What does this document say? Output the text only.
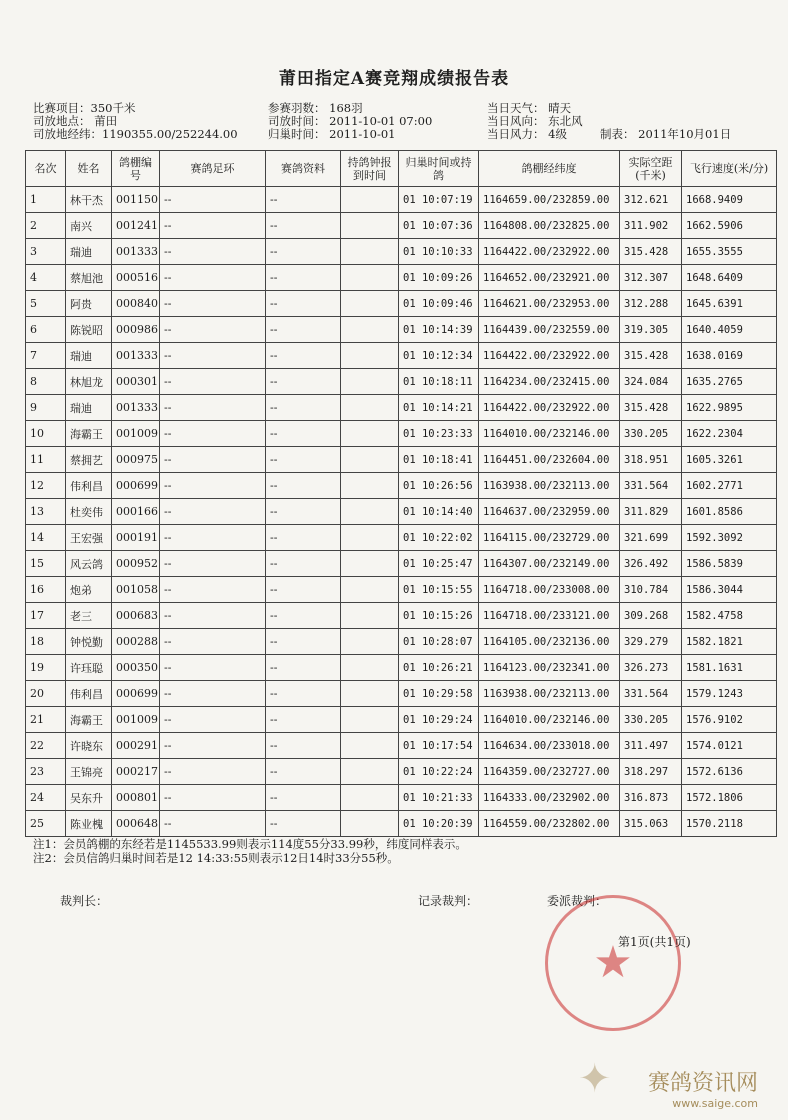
莆田指定A赛竞翔成绩报告表
比赛项目：350千米
司放地点： 莆田
司放地经纬：1190355.00/252244.00
参赛羽数： 168羽
司放时间： 2011-10-01 07:00
归巢时间： 2011-10-01
当日天气： 晴天
当日风向： 东北风
当日风力： 4级	制表： 2011年10月01日
名次	姓名	鸽棚编号	赛鸽足环	赛鸽资料	持鸽钟报到时间	归巢时间或持鸽	鸽棚经纬度	实际空距(千米)	飞行速度(米/分)
1	林干杰	001150	--	--		01 10:07:19	1164659.00/232859.00	312.621	1668.9409
2	南兴	001241	--	--		01 10:07:36	1164808.00/232825.00	311.902	1662.5906
3	瑞迪	001333	--	--		01 10:10:33	1164422.00/232922.00	315.428	1655.3555
4	蔡旭池	000516	--	--		01 10:09:26	1164652.00/232921.00	312.307	1648.6409
5	阿贵	000840	--	--		01 10:09:46	1164621.00/232953.00	312.288	1645.6391
6	陈锐昭	000986	--	--		01 10:14:39	1164439.00/232559.00	319.305	1640.4059
7	瑞迪	001333	--	--		01 10:12:34	1164422.00/232922.00	315.428	1638.0169
8	林旭龙	000301	--	--		01 10:18:11	1164234.00/232415.00	324.084	1635.2765
9	瑞迪	001333	--	--		01 10:14:21	1164422.00/232922.00	315.428	1622.9895
10	海霸王	001009	--	--		01 10:23:33	1164010.00/232146.00	330.205	1622.2304
11	蔡拥艺	000975	--	--		01 10:18:41	1164451.00/232604.00	318.951	1605.3261
12	伟利昌	000699	--	--		01 10:26:56	1163938.00/232113.00	331.564	1602.2771
13	杜奕伟	000166	--	--		01 10:14:40	1164637.00/232959.00	311.829	1601.8586
14	王宏强	000191	--	--		01 10:22:02	1164115.00/232729.00	321.699	1592.3092
15	风云鸽	000952	--	--		01 10:25:47	1164307.00/232149.00	326.492	1586.5839
16	炮弟	001058	--	--		01 10:15:55	1164718.00/233008.00	310.784	1586.3044
17	老三	000683	--	--		01 10:15:26	1164718.00/233121.00	309.268	1582.4758
18	钟悦勤	000288	--	--		01 10:28:07	1164105.00/232136.00	329.279	1582.1821
19	许珏聪	000350	--	--		01 10:26:21	1164123.00/232341.00	326.273	1581.1631
20	伟利昌	000699	--	--		01 10:29:58	1163938.00/232113.00	331.564	1579.1243
21	海霸王	001009	--	--		01 10:29:24	1164010.00/232146.00	330.205	1576.9102
22	许晓东	000291	--	--		01 10:17:54	1164634.00/233018.00	311.497	1574.0121
23	王锦亮	000217	--	--		01 10:22:24	1164359.00/232727.00	318.297	1572.6136
24	吴东升	000801	--	--		01 10:21:33	1164333.00/232902.00	316.873	1572.1806
25	陈业槐	000648	--	--		01 10:20:39	1164559.00/232802.00	315.063	1570.2118
注1：会员鸽棚的东经若是1145533.99则表示114度55分33.99秒，纬度同样表示。
注2：会员信鸽归巢时间若是12 14:33:55则表示12日14时33分55秒。
裁判长：	记录裁判：	委派裁判：
★
第1页(共1页)
✦ 赛鸽资讯网
www.saige.com
